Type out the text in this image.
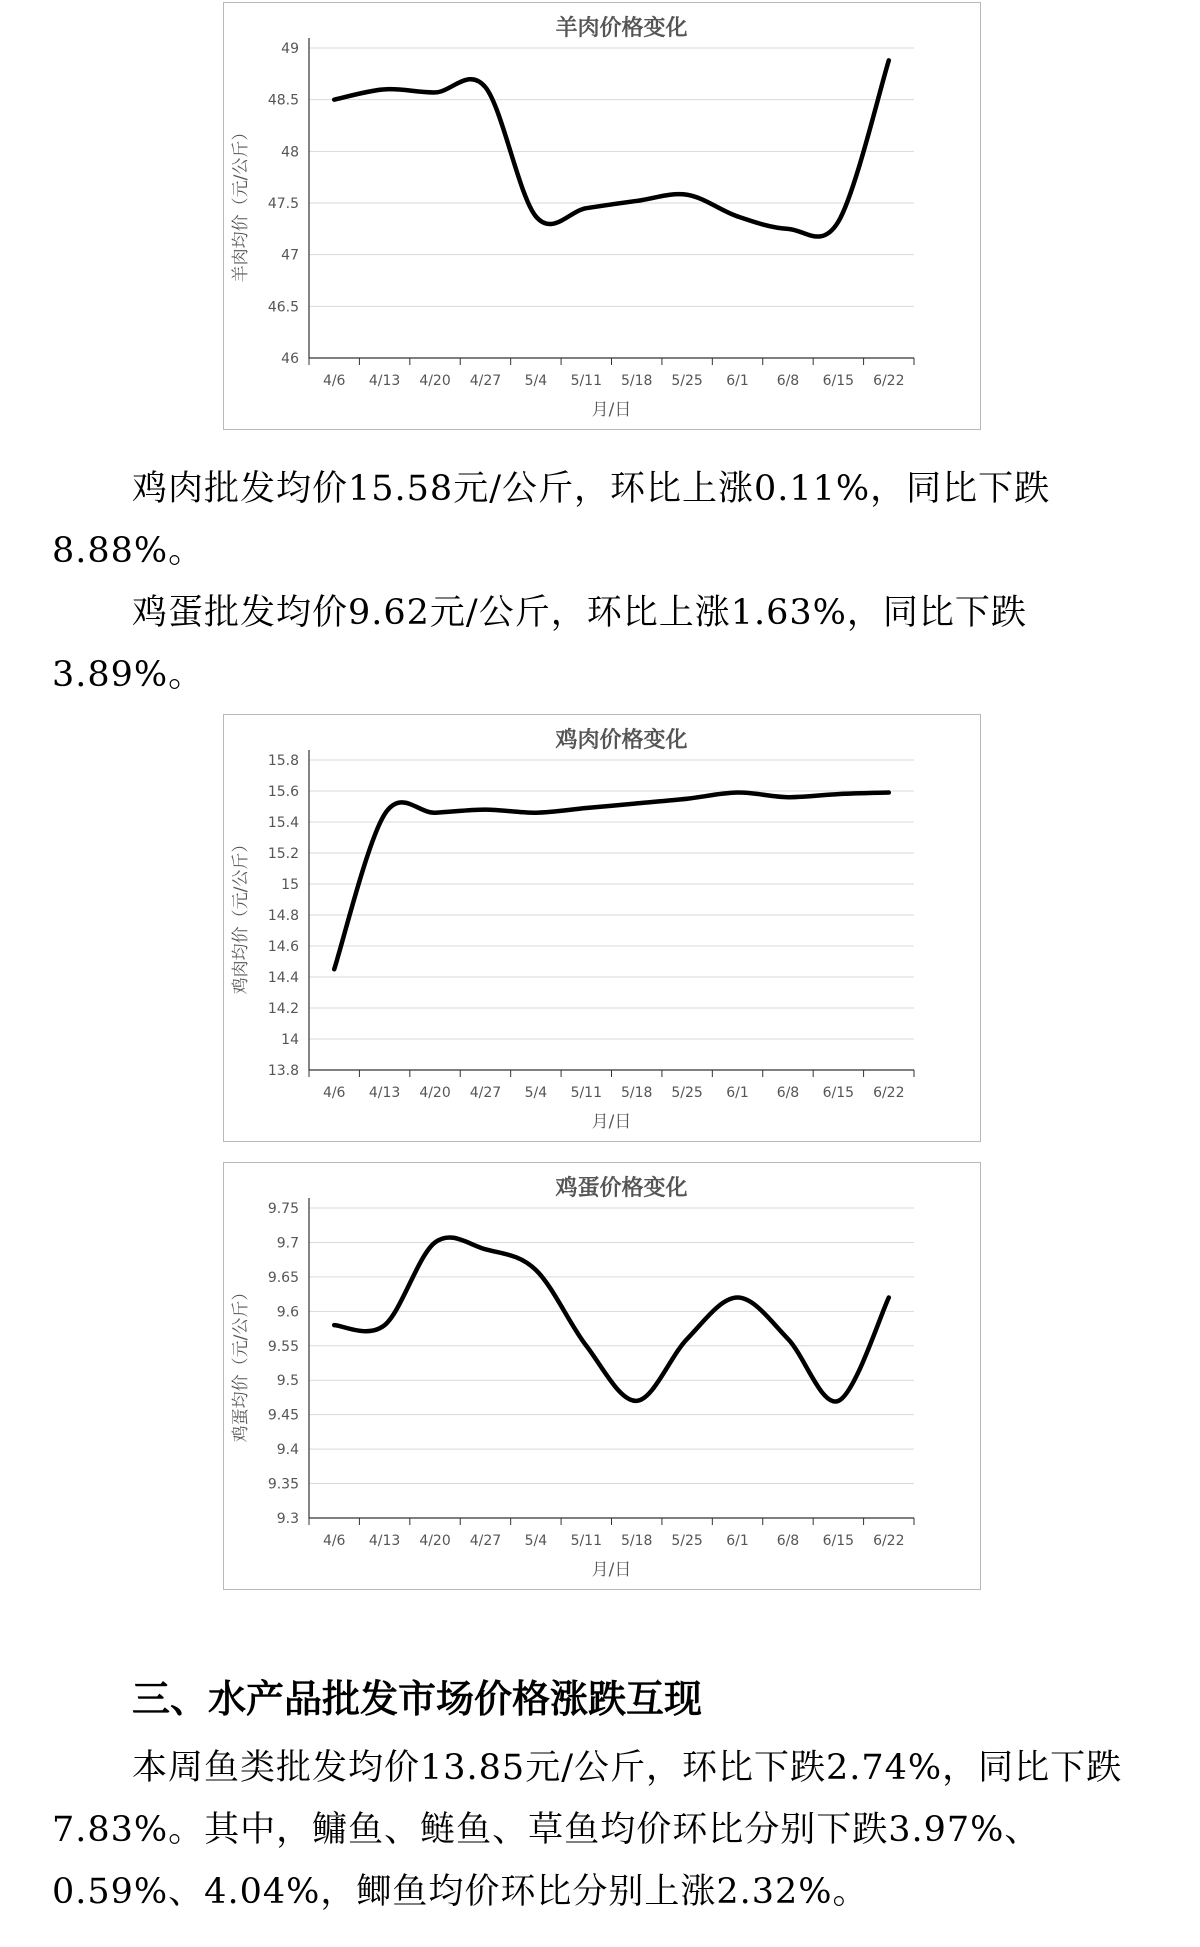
羊肉价格变化
46
46.5
47
47.5
48
48.5
49
4/6 4/13 4/20 4/27 5/4 5/11 5/18 5/25 6/1 6/8 6/15 6/22
月/日
羊肉均价（元/公斤）

鸡肉批发均价15.58元/公斤，环比上涨0.11%，同比下跌8.88%。

鸡蛋批发均价9.62元/公斤，环比上涨1.63%，同比下跌3.89%。

鸡肉价格变化
13.8
14
14.2
14.4
14.6
14.8
15
15.2
15.4
15.6
15.8
4/6 4/13 4/20 4/27 5/4 5/11 5/18 5/25 6/1 6/8 6/15 6/22
月/日
鸡肉均价（元/公斤）
鸡蛋价格变化
9.3
9.35
9.4
9.45
9.5
9.55
9.6
9.65
9.7
9.75
4/6 4/13 4/20 4/27 5/4 5/11 5/18 5/25 6/1 6/8 6/15 6/22
月/日
鸡蛋均价（元/公斤）
三、水产品批发市场价格涨跌互现

本周鱼类批发均价13.85元/公斤，环比下跌2.74%，同比下跌7.83%。其中，鳙鱼、鲢鱼、草鱼均价环比分别下跌3.97%、0.59%、4.04%，鲫鱼均价环比分别上涨2.32%。
